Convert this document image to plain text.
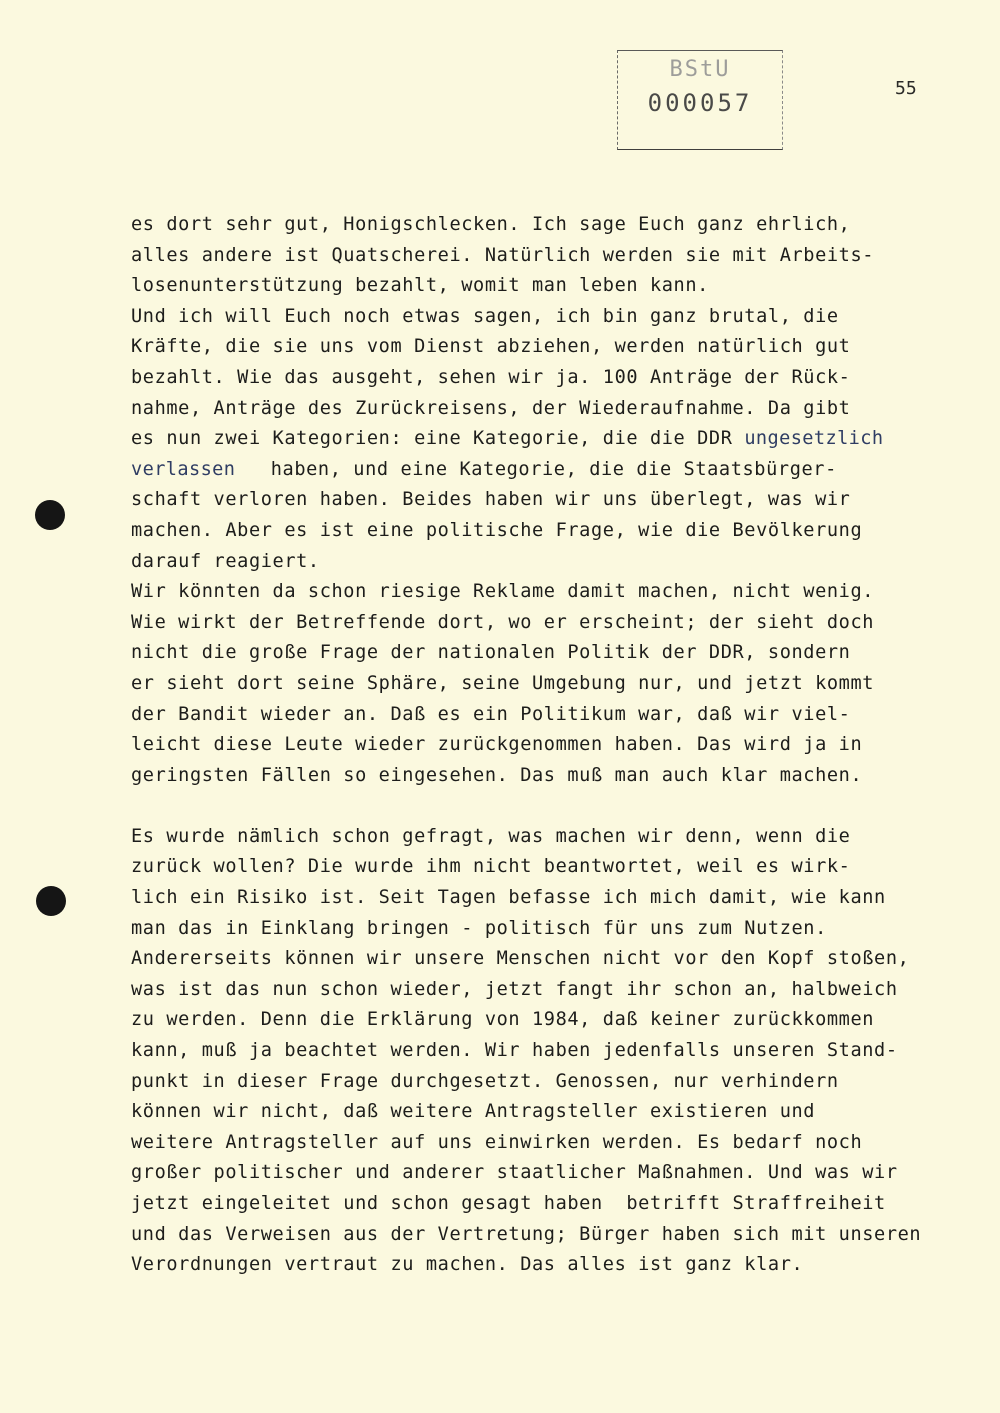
BStU
000057
55
es dort sehr gut, Honigschlecken. Ich sage Euch ganz ehrlich,
alles andere ist Quatscherei. Natürlich werden sie mit Arbeits-
losenunterstützung bezahlt, womit man leben kann.
Und ich will Euch noch etwas sagen, ich bin ganz brutal, die
Kräfte, die sie uns vom Dienst abziehen, werden natürlich gut
bezahlt. Wie das ausgeht, sehen wir ja. 100 Anträge der Rück-
nahme, Anträge des Zurückreisens, der Wiederaufnahme. Da gibt
es nun zwei Kategorien: eine Kategorie, die die DDR ungesetzlich
verlassen   haben, und eine Kategorie, die die Staatsbürger-
schaft verloren haben. Beides haben wir uns überlegt, was wir
machen. Aber es ist eine politische Frage, wie die Bevölkerung
darauf reagiert.
Wir könnten da schon riesige Reklame damit machen, nicht wenig.
Wie wirkt der Betreffende dort, wo er erscheint; der sieht doch
nicht die große Frage der nationalen Politik der DDR, sondern
er sieht dort seine Sphäre, seine Umgebung nur, und jetzt kommt
der Bandit wieder an. Daß es ein Politikum war, daß wir viel-
leicht diese Leute wieder zurückgenommen haben. Das wird ja in
geringsten Fällen so eingesehen. Das muß man auch klar machen.
Es wurde nämlich schon gefragt, was machen wir denn, wenn die
zurück wollen? Die wurde ihm nicht beantwortet, weil es wirk-
lich ein Risiko ist. Seit Tagen befasse ich mich damit, wie kann
man das in Einklang bringen - politisch für uns zum Nutzen.
Andererseits können wir unsere Menschen nicht vor den Kopf stoßen,
was ist das nun schon wieder, jetzt fangt ihr schon an, halbweich
zu werden. Denn die Erklärung von 1984, daß keiner zurückkommen
kann, muß ja beachtet werden. Wir haben jedenfalls unseren Stand-
punkt in dieser Frage durchgesetzt. Genossen, nur verhindern
können wir nicht, daß weitere Antragsteller existieren und
weitere Antragsteller auf uns einwirken werden. Es bedarf noch
großer politischer und anderer staatlicher Maßnahmen. Und was wir
jetzt eingeleitet und schon gesagt haben  betrifft Straffreiheit
und das Verweisen aus der Vertretung; Bürger haben sich mit unseren
Verordnungen vertraut zu machen. Das alles ist ganz klar.
